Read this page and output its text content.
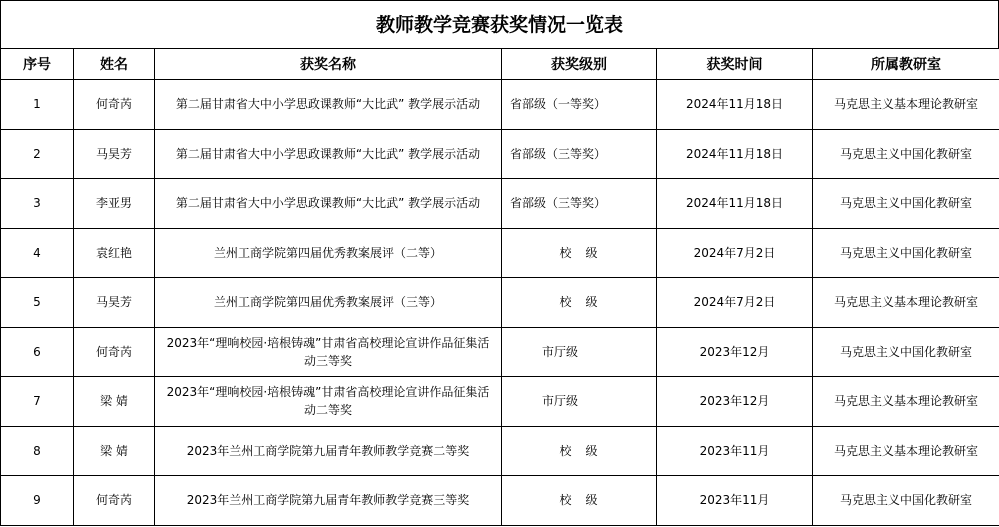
教师教学竞赛获奖情况一览表
序号	姓名	获奖名称	获奖级别	获奖时间	所属教研室
1	何奇芮	第二届甘肃省大中小学思政课教师“大比武” 教学展示活动	省部级（一等奖）	2024年11月18日	马克思主义基本理论教研室
2	马昊芳	第二届甘肃省大中小学思政课教师“大比武” 教学展示活动	省部级（三等奖）	2024年11月18日	马克思主义中国化教研室
3	李亚男	第二届甘肃省大中小学思政课教师“大比武” 教学展示活动	省部级（三等奖）	2024年11月18日	马克思主义中国化教研室
4	袁红艳	兰州工商学院第四届优秀教案展评（二等）	校　级	2024年7月2日	马克思主义中国化教研室
5	马昊芳	兰州工商学院第四届优秀教案展评（三等）	校　级	2024年7月2日	马克思主义基本理论教研室
6	何奇芮	2023年“理响校园·培根铸魂”甘肃省高校理论宣讲作品征集活动三等奖	市厅级	2023年12月	马克思主义中国化教研室
7	梁 婧	2023年“理响校园·培根铸魂”甘肃省高校理论宣讲作品征集活动二等奖	市厅级	2023年12月	马克思主义基本理论教研室
8	梁 婧	2023年兰州工商学院第九届青年教师教学竞赛二等奖	校　级	2023年11月	马克思主义基本理论教研室
9	何奇芮	2023年兰州工商学院第九届青年教师教学竞赛三等奖	校　级	2023年11月	马克思主义中国化教研室
